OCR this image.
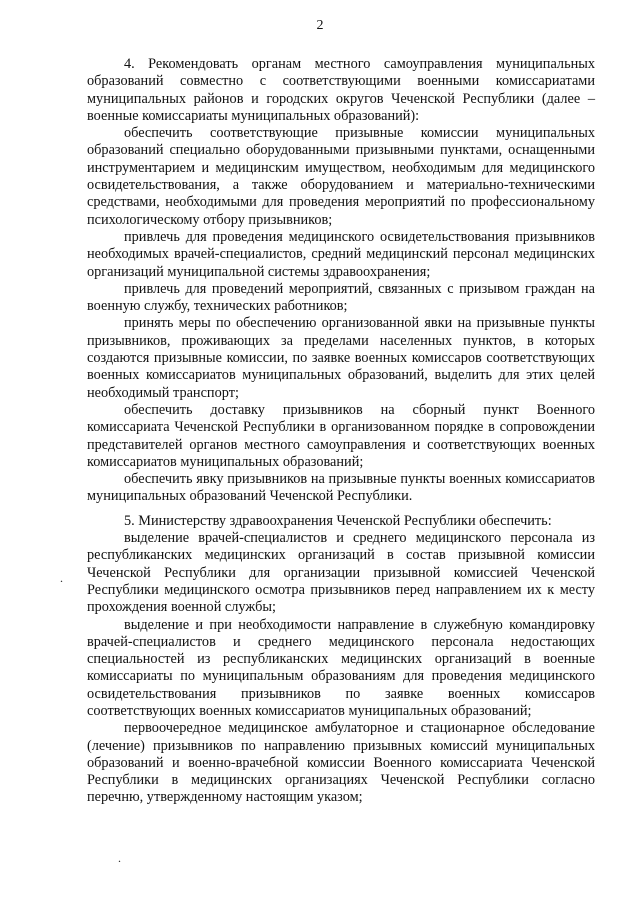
2

4. Рекомендовать органам местного самоуправления муниципальных образований совместно с соответствующими военными комиссариатами муниципальных районов и городских округов Чеченской Республики (далее – военные комиссариаты муниципальных образований):

обеспечить соответствующие призывные комиссии муниципальных образований специально оборудованными призывными пунктами, оснащенными инструментарием и медицинским имуществом, необходимым для медицинского освидетельствования, а также оборудованием и материально-техническими средствами, необходимыми для проведения мероприятий по профессиональному психологическому отбору призывников;

привлечь для проведения медицинского освидетельствования призывников необходимых врачей-специалистов, средний медицинский персонал медицинских организаций муниципальной системы здравоохранения;

привлечь для проведений мероприятий, связанных с призывом граждан на военную службу, технических работников;

принять меры по обеспечению организованной явки на призывные пункты призывников, проживающих за пределами населенных пунктов, в которых создаются призывные комиссии, по заявке военных комиссаров соответствующих военных комиссариатов муниципальных образований, выделить для этих целей необходимый транспорт;

обеспечить доставку призывников на сборный пункт Военного комиссариата Чеченской Республики в организованном порядке в сопровождении представителей органов местного самоуправления и соответствующих военных комиссариатов муниципальных образований;

обеспечить явку призывников на призывные пункты военных комиссариатов муниципальных образований Чеченской Республики.

5. Министерству здравоохранения Чеченской Республики обеспечить:

выделение врачей-специалистов и среднего медицинского персонала из республиканских медицинских организаций в состав призывной комиссии Чеченской Республики для организации призывной комиссией Чеченской Республики медицинского осмотра призывников перед направлением их к месту прохождения военной службы;

выделение и при необходимости направление в служебную командировку врачей-специалистов и среднего медицинского персонала недостающих специальностей из республиканских медицинских организаций в военные комиссариаты по муниципальным образованиям для проведения медицинского освидетельствования призывников по заявке военных комиссаров соответствующих военных комиссариатов муниципальных образований;

первоочередное медицинское амбулаторное и стационарное обследование (лечение) призывников по направлению призывных комиссий муниципальных образований и военно-врачебной комиссии Военного комиссариата Чеченской Республики в медицинских организациях Чеченской Республики согласно перечню, утвержденному настоящим указом;

.
.
